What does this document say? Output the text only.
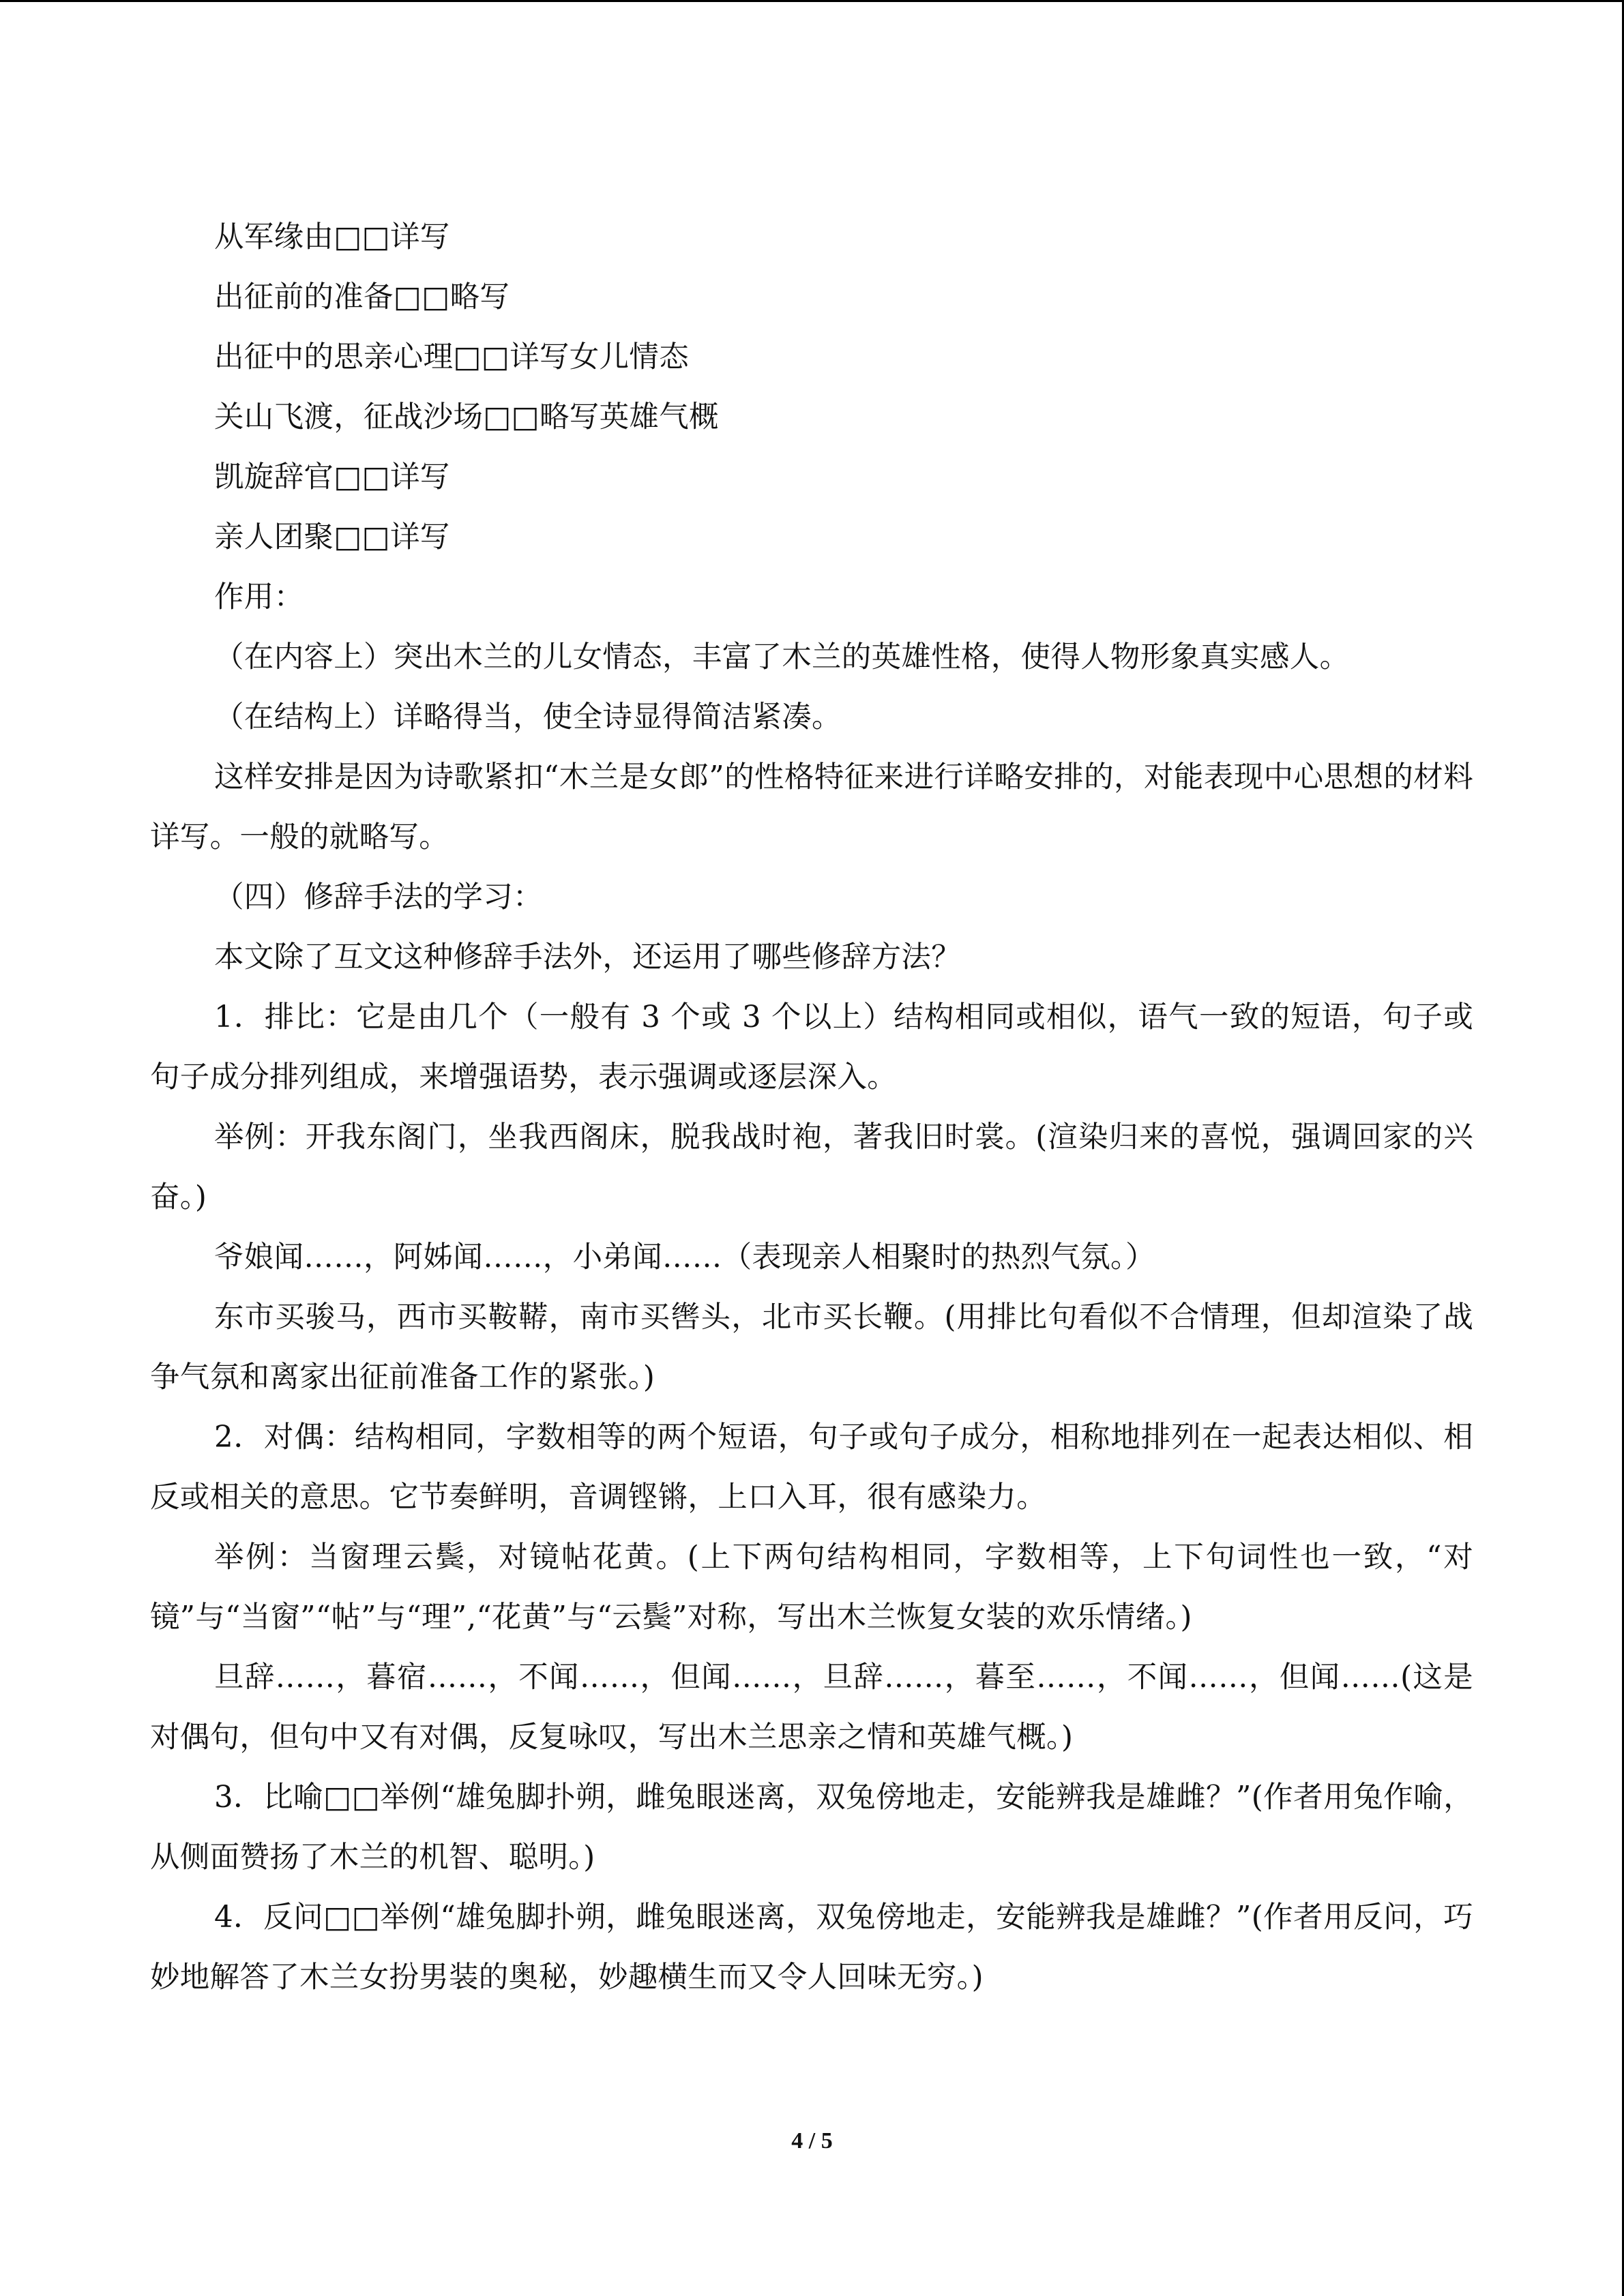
从军缘由□□详写

出征前的准备□□略写

出征中的思亲心理□□详写女儿情态

关山飞渡，征战沙场□□略写英雄气概

凯旋辞官□□详写

亲人团聚□□详写

作用：

（在内容上）突出木兰的儿女情态，丰富了木兰的英雄性格，使得人物形象真实感人。

（在结构上）详略得当，使全诗显得简洁紧凑。

这样安排是因为诗歌紧扣“木兰是女郎”的性格特征来进行详略安排的，对能表现中心思想的材料详写。一般的就略写。

（四）修辞手法的学习：

本文除了互文这种修辞手法外，还运用了哪些修辞方法？

1．排比：它是由几个（一般有 3 个或 3 个以上）结构相同或相似，语气一致的短语，句子或句子成分排列组成，来增强语势，表示强调或逐层深入。

举例：开我东阁门，坐我西阁床，脱我战时袍，著我旧时裳。(渲染归来的喜悦，强调回家的兴奋。)

爷娘闻……，阿姊闻……，小弟闻……（表现亲人相聚时的热烈气氛。）

东市买骏马，西市买鞍鞯，南市买辔头，北市买长鞭。(用排比句看似不合情理，但却渲染了战争气氛和离家出征前准备工作的紧张。)

2．对偶：结构相同，字数相等的两个短语，句子或句子成分，相称地排列在一起表达相似、相反或相关的意思。它节奏鲜明，音调铿锵，上口入耳，很有感染力。

举例：当窗理云鬓，对镜帖花黄。(上下两句结构相同，字数相等，上下句词性也一致，“对镜”与“当窗”“帖”与“理”,“花黄”与“云鬓”对称，写出木兰恢复女装的欢乐情绪。)

旦辞……，暮宿……，不闻……，但闻……，旦辞……，暮至……，不闻……，但闻……(这是对偶句，但句中又有对偶，反复咏叹，写出木兰思亲之情和英雄气概。)

3．比喻□□举例“雄兔脚扑朔，雌兔眼迷离，双兔傍地走，安能辨我是雄雌？”(作者用兔作喻，从侧面赞扬了木兰的机智、聪明。)

4．反问□□举例“雄兔脚扑朔，雌兔眼迷离，双兔傍地走，安能辨我是雄雌？”(作者用反问，巧妙地解答了木兰女扮男装的奥秘，妙趣横生而又令人回味无穷。)

4 / 5
